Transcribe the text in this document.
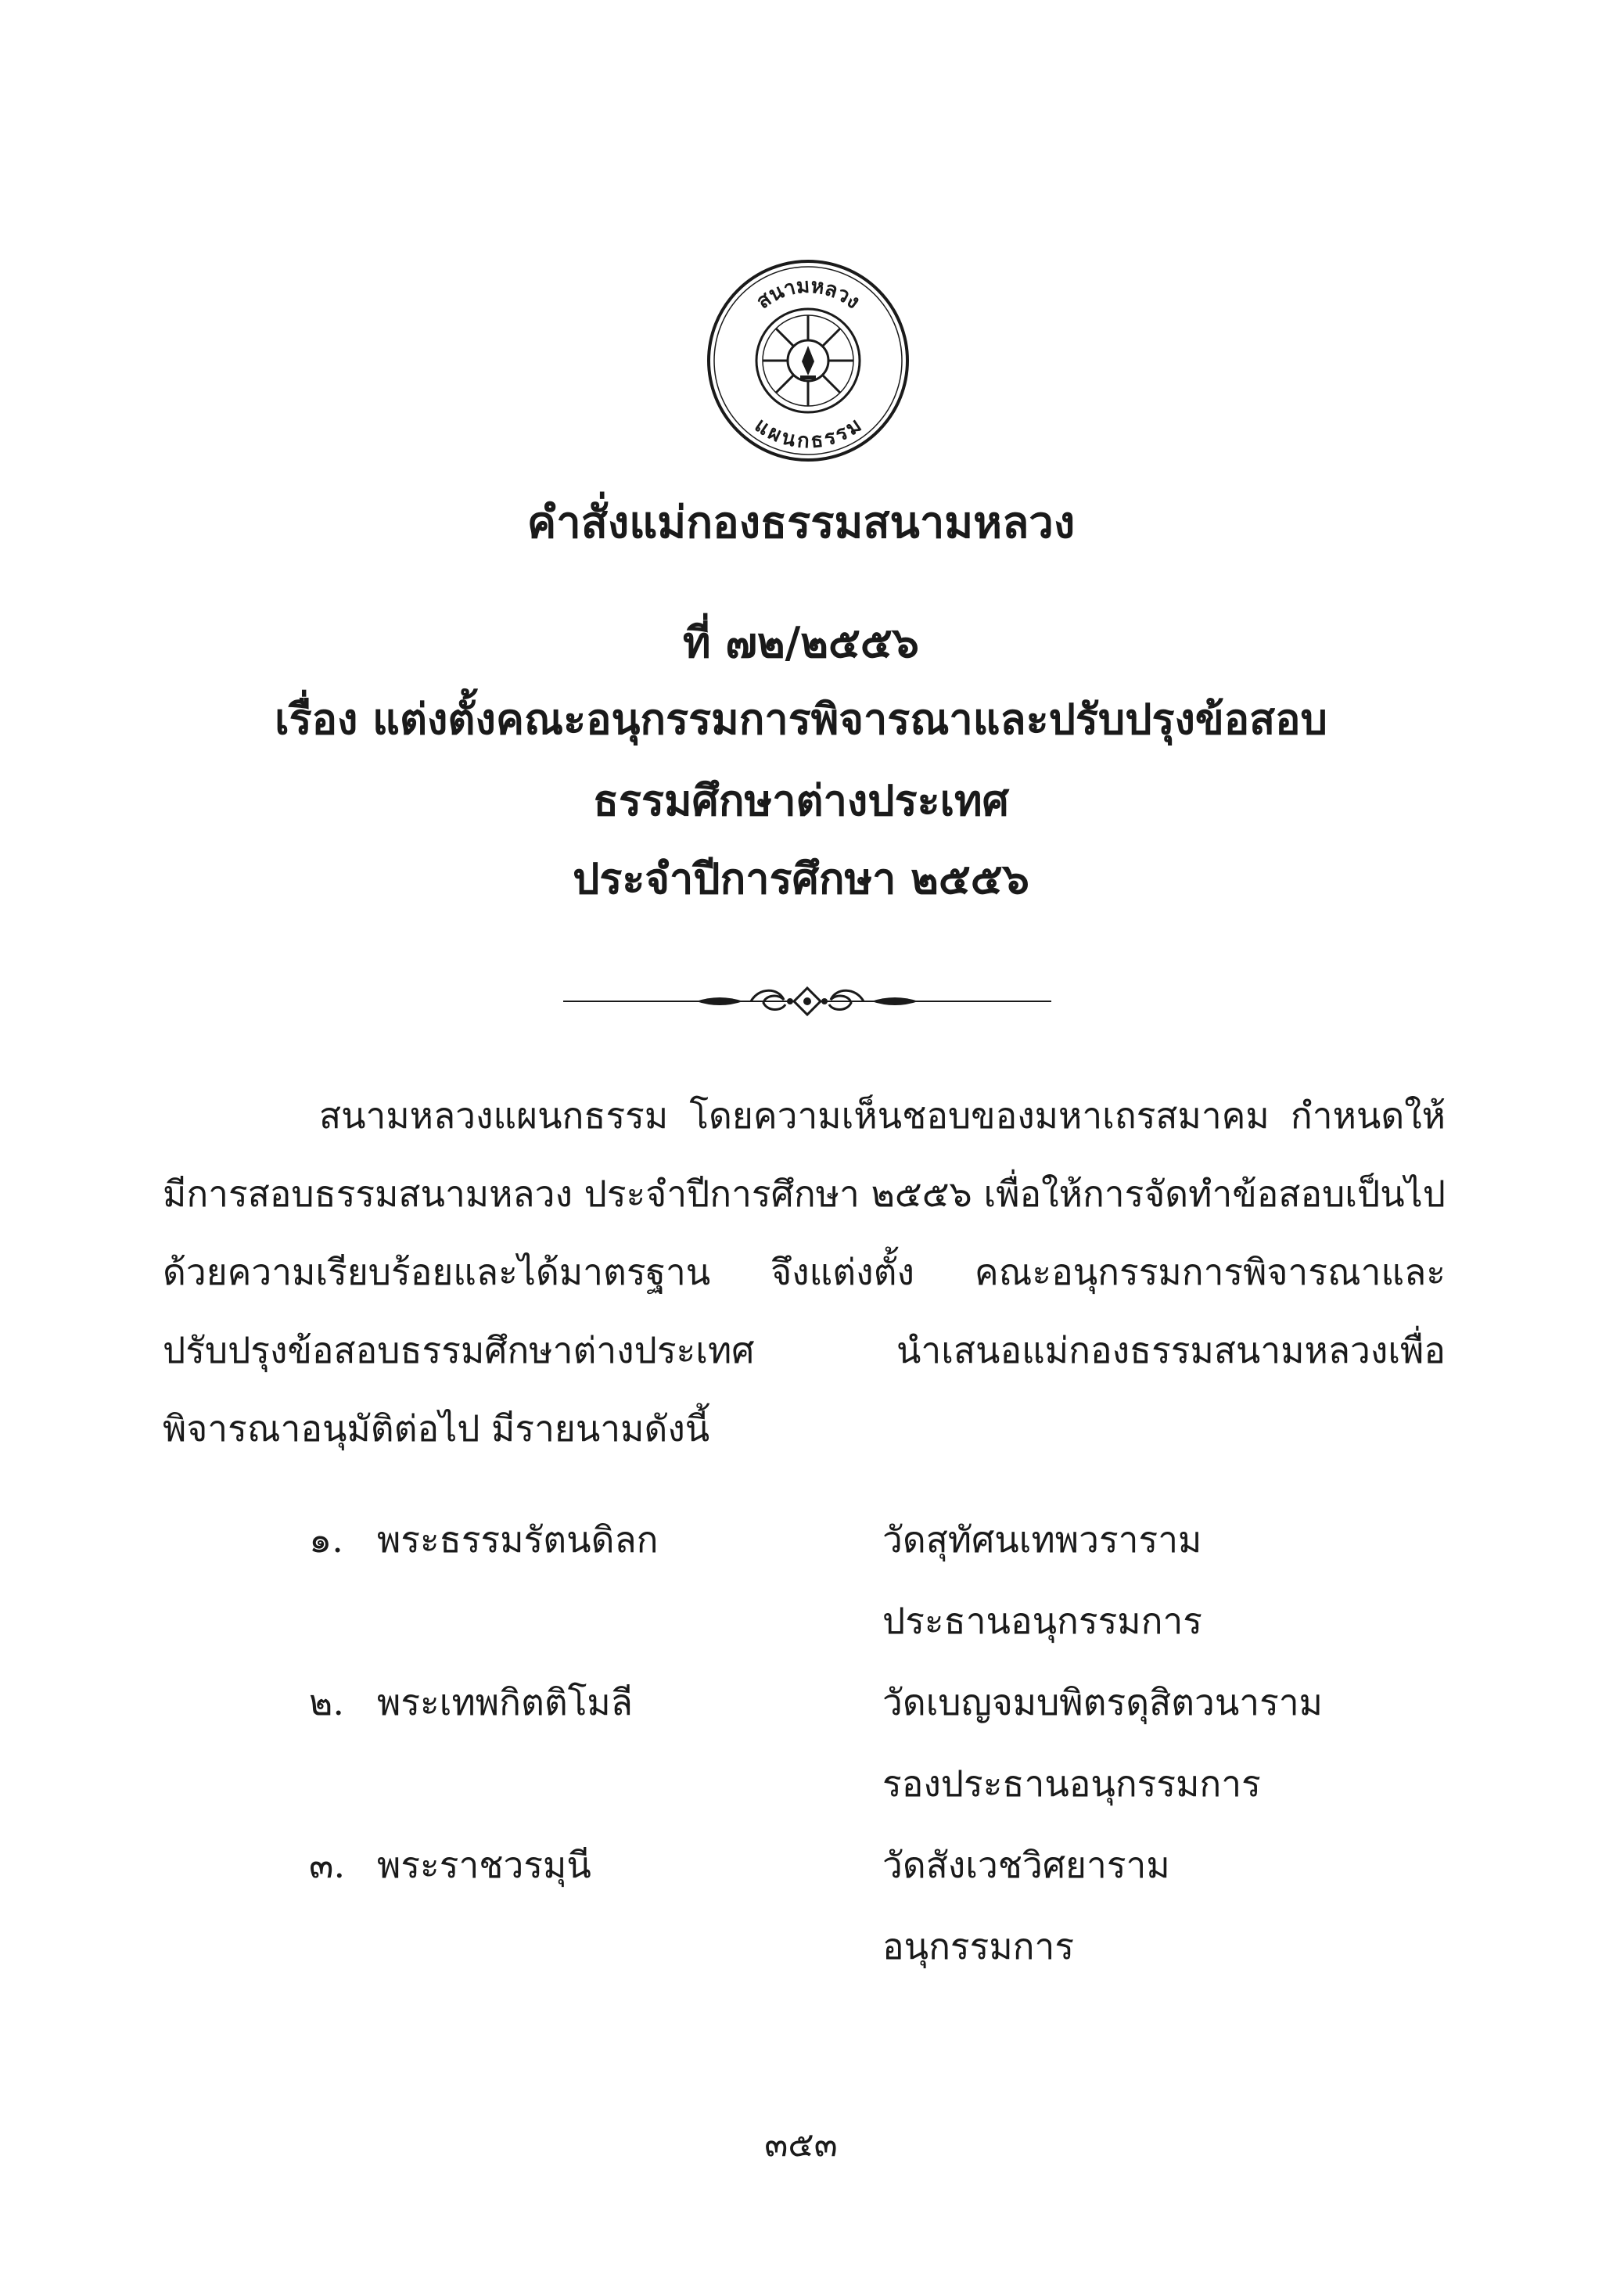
สนามหลวง
แผนกธรรม
คำสั่งแม่กองธรรมสนามหลวง
ที่ ๗๒/๒๕๕๖
เรื่อง แต่งตั้งคณะอนุกรรมการพิจารณาและปรับปรุงข้อสอบ
ธรรมศึกษาต่างประเทศ
ประจำปีการศึกษา ๒๕๕๖

สนามหลวงแผนกธรรม โดยความเห็นชอบของมหาเถรสมาคม กำหนดให้มีการสอบธรรมสนามหลวง ประจำปีการศึกษา ๒๕๕๖ เพื่อให้การจัดทำข้อสอบเป็นไปด้วยความเรียบร้อยและได้มาตรฐาน จึงแต่งตั้ง คณะอนุกรรมการพิจารณาและปรับปรุงข้อสอบธรรมศึกษาต่างประเทศ นำเสนอแม่กองธรรมสนามหลวงเพื่อพิจารณาอนุมัติต่อไป มีรายนามดังนี้

๑. พระธรรมรัตนดิลก	วัดสุทัศนเทพวราราม
ประธานอนุกรรมการ
๒. พระเทพกิตติโมลี	วัดเบญจมบพิตรดุสิตวนาราม
รองประธานอนุกรรมการ
๓. พระราชวรมุนี	วัดสังเวชวิศยาราม
อนุกรรมการ
๓๕๓
